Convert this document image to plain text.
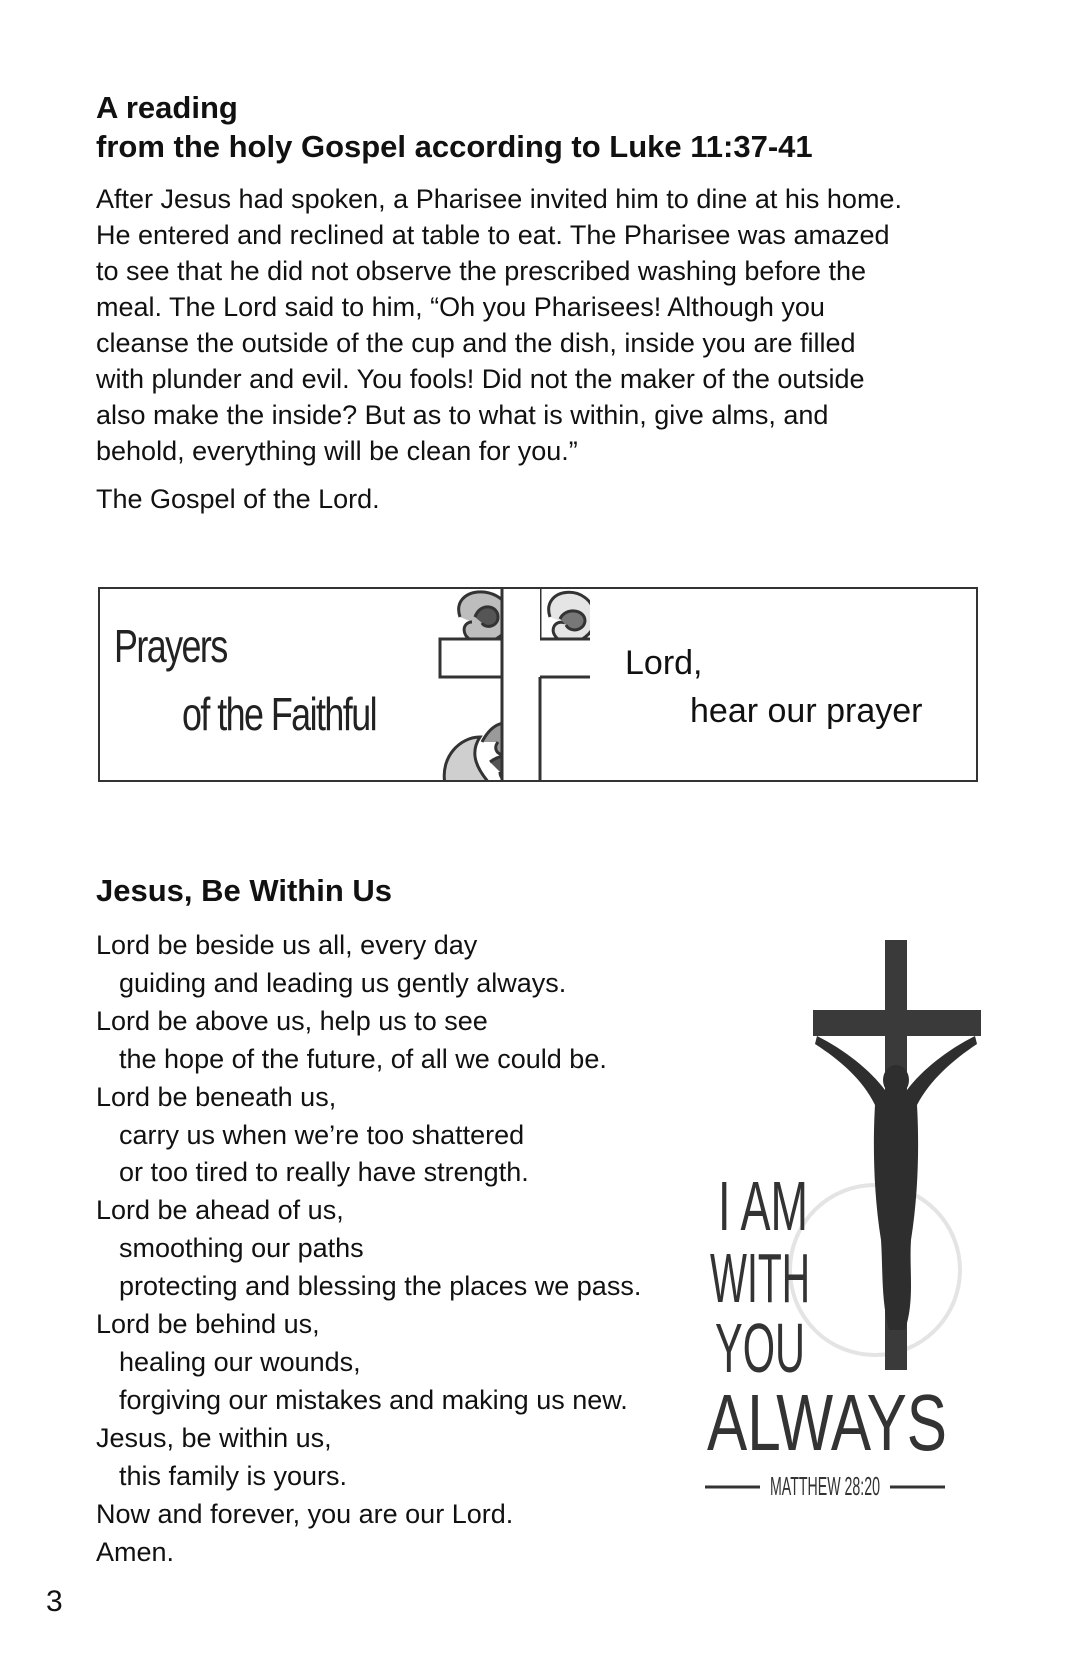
A reading
from the holy Gospel according to Luke 11:37-41
After Jesus had spoken, a Pharisee invited him to dine at his home.
He entered and reclined at table to eat. The Pharisee was amazed
to see that he did not observe the prescribed washing before the
meal. The Lord said to him, “Oh you Pharisees! Although you
cleanse the outside of the cup and the dish, inside you are filled
with plunder and evil. You fools! Did not the maker of the outside
also make the inside? But as to what is within, give alms, and
behold, everything will be clean for you.”
The Gospel of the Lord.
Prayers
of the Faithful
Lord,
hear our prayer
Jesus, Be Within Us
Lord be beside us all, every day
guiding and leading us gently always.
Lord be above us, help us to see
the hope of the future, of all we could be.
Lord be beneath us,
carry us when we’re too shattered
or too tired to really have strength.
Lord be ahead of us,
smoothing our paths
protecting and blessing the places we pass.
Lord be behind us,
healing our wounds,
forgiving our mistakes and making us new.
Jesus, be within us,
this family is yours.
Now and forever, you are our Lord.
Amen.
I AM
WITH
YOU
ALWAYS
MATTHEW 28:20
3
